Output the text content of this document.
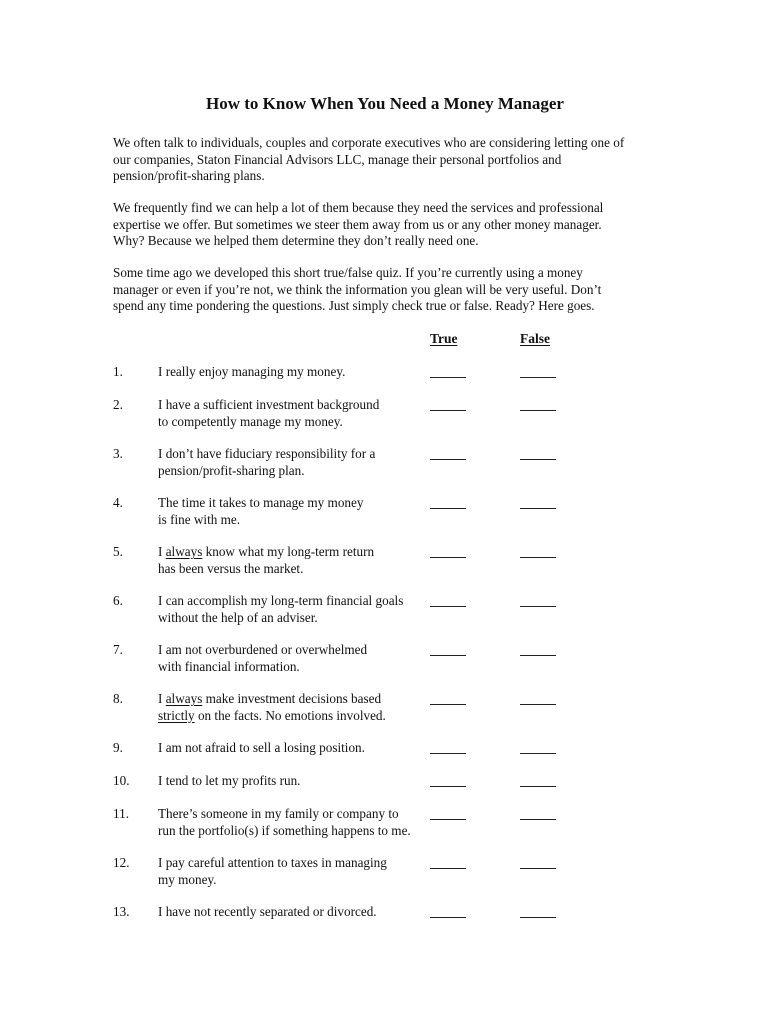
How to Know When You Need a Money Manager

We often talk to individuals, couples and corporate executives who are considering letting one of
our companies, Staton Financial Advisors LLC, manage their personal portfolios and
pension/profit-sharing plans.

We frequently find we can help a lot of them because they need the services and professional
expertise we offer. But sometimes we steer them away from us or any other money manager.
Why? Because we helped them determine they don’t really need one.

Some time ago we developed this short true/false quiz. If you’re currently using a money
manager or even if you’re not, we think the information you glean will be very useful. Don’t
spend any time pondering the questions. Just simply check true or false. Ready? Here goes.

True	False
1.	I really enjoy managing my money.
2.	I have a sufficient investment background
to competently manage my money.
3.	I don’t have fiduciary responsibility for a
pension/profit-sharing plan.
4.	The time it takes to manage my money
is fine with me.
5.	I always know what my long-term return
has been versus the market.
6.	I can accomplish my long-term financial goals
without the help of an adviser.
7.	I am not overburdened or overwhelmed
with financial information.
8.	I always make investment decisions based
strictly on the facts. No emotions involved.
9.	I am not afraid to sell a losing position.
10. I tend to let my profits run.
11. There’s someone in my family or company to
run the portfolio(s) if something happens to me.
12. I pay careful attention to taxes in managing
my money.
13. I have not recently separated or divorced.
